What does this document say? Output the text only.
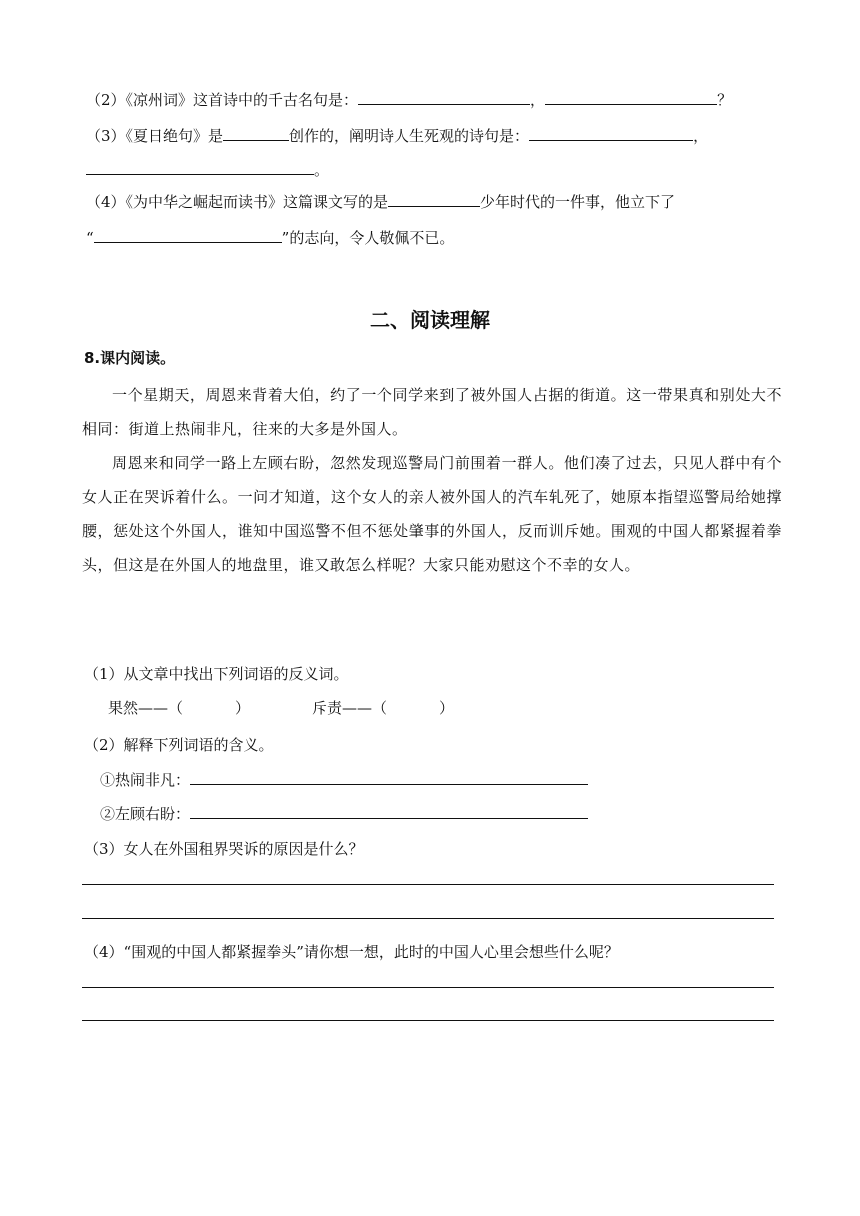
（2）《凉州词》这首诗中的千古名句是：	，	？
（3）《夏日绝句》是	创作的，阐明诗人生死观的诗句是：	，
。
（4）《为中华之崛起而读书》这篇课文写的是	少年时代的一件事，他立下了
“	”的志向，令人敬佩不已。
二、阅读理解
8.课内阅读。

一个星期天，周恩来背着大伯，约了一个同学来到了被外国人占据的街道。这一带果真和别处大不相同：街道上热闹非凡，往来的大多是外国人。

周恩来和同学一路上左顾右盼，忽然发现巡警局门前围着一群人。他们凑了过去，只见人群中有个女人正在哭诉着什么。一问才知道，这个女人的亲人被外国人的汽车轧死了，她原本指望巡警局给她撑腰，惩处这个外国人，谁知中国巡警不但不惩处肇事的外国人，反而训斥她。围观的中国人都紧握着拳头，但这是在外国人的地盘里，谁又敢怎么样呢？大家只能劝慰这个不幸的女人。

（1）从文章中找出下列词语的反义词。
果然——（	）	斥责——（	）
（2）解释下列词语的含义。
①热闹非凡：
②左顾右盼：
（3）女人在外国租界哭诉的原因是什么？
（4）“围观的中国人都紧握拳头”请你想一想，此时的中国人心里会想些什么呢？
